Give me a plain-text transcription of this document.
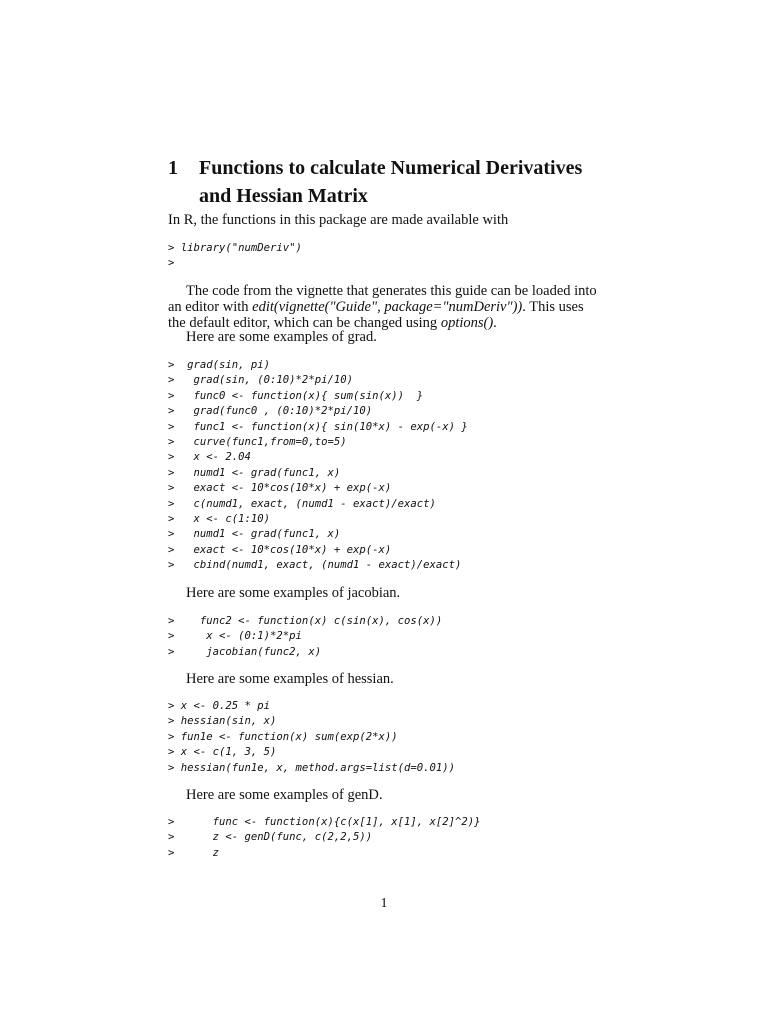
1	Functions to calculate Numerical Derivatives and Hessian Matrix

In R, the functions in this package are made available with

> library("numDeriv")
>

The code from the vignette that generates this guide can be loaded into an editor with edit(vignette("Guide", package="numDeriv")). This uses the default editor, which can be changed using options().

Here are some examples of grad.

>  grad(sin, pi)
>   grad(sin, (0:10)*2*pi/10)
>   func0 <- function(x){ sum(sin(x))  }
>   grad(func0 , (0:10)*2*pi/10)
>   func1 <- function(x){ sin(10*x) - exp(-x) }
>   curve(func1,from=0,to=5)
>   x <- 2.04
>   numd1 <- grad(func1, x)
>   exact <- 10*cos(10*x) + exp(-x)
>   c(numd1, exact, (numd1 - exact)/exact)
>   x <- c(1:10)
>   numd1 <- grad(func1, x)
>   exact <- 10*cos(10*x) + exp(-x)
>   cbind(numd1, exact, (numd1 - exact)/exact)

Here are some examples of jacobian.

>    func2 <- function(x) c(sin(x), cos(x))
>     x <- (0:1)*2*pi
>     jacobian(func2, x)

Here are some examples of hessian.

> x <- 0.25 * pi
> hessian(sin, x)
> fun1e <- function(x) sum(exp(2*x))
> x <- c(1, 3, 5)
> hessian(fun1e, x, method.args=list(d=0.01))

Here are some examples of genD.

>      func <- function(x){c(x[1], x[1], x[2]^2)}
>      z <- genD(func, c(2,2,5))
>      z
1
